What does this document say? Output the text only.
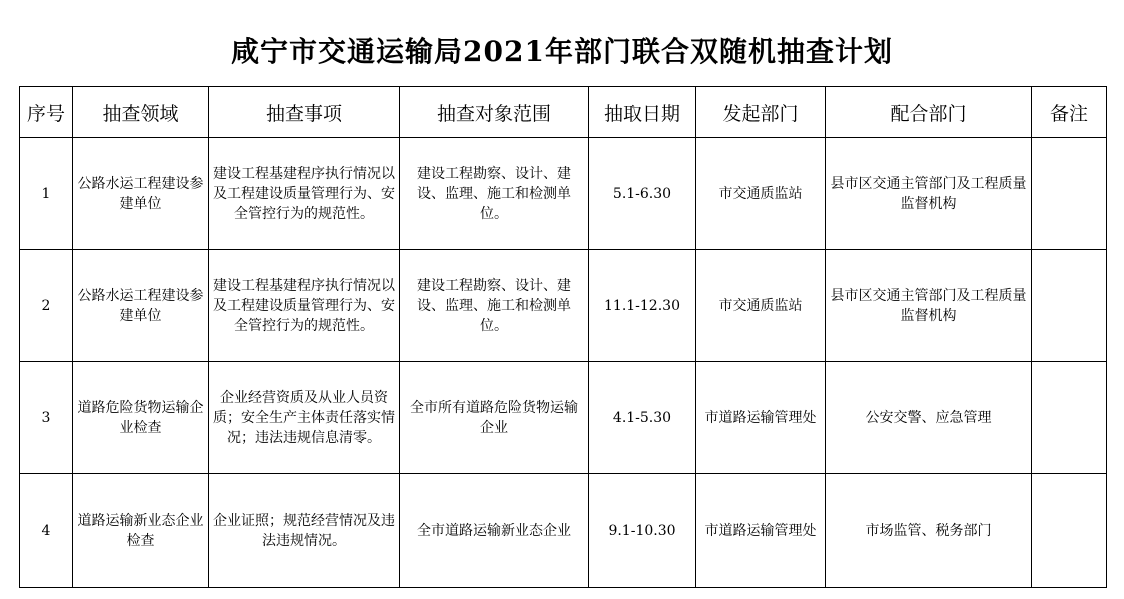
咸宁市交通运输局2021年部门联合双随机抽查计划
序号	抽查领域	抽查事项	抽查对象范围	抽取日期	发起部门	配合部门	备注
1	公路水运工程建设参建单位	建设工程基建程序执行情况以及工程建设质量管理行为、安全管控行为的规范性。	建设工程勘察、设计、建设、监理、施工和检测单位。	5.1-6.30	市交通质监站	县市区交通主管部门及工程质量监督机构	
2	公路水运工程建设参建单位	建设工程基建程序执行情况以及工程建设质量管理行为、安全管控行为的规范性。	建设工程勘察、设计、建设、监理、施工和检测单位。	11.1-12.30	市交通质监站	县市区交通主管部门及工程质量监督机构	
3	道路危险货物运输企业检查	企业经营资质及从业人员资质；安全生产主体责任落实情况；违法违规信息清零。	全市所有道路危险货物运输企业	4.1-5.30	市道路运输管理处	公安交警、应急管理	
4	道路运输新业态企业检查	企业证照；规范经营情况及违法违规情况。	全市道路运输新业态企业	9.1-10.30	市道路运输管理处	市场监管、税务部门	
